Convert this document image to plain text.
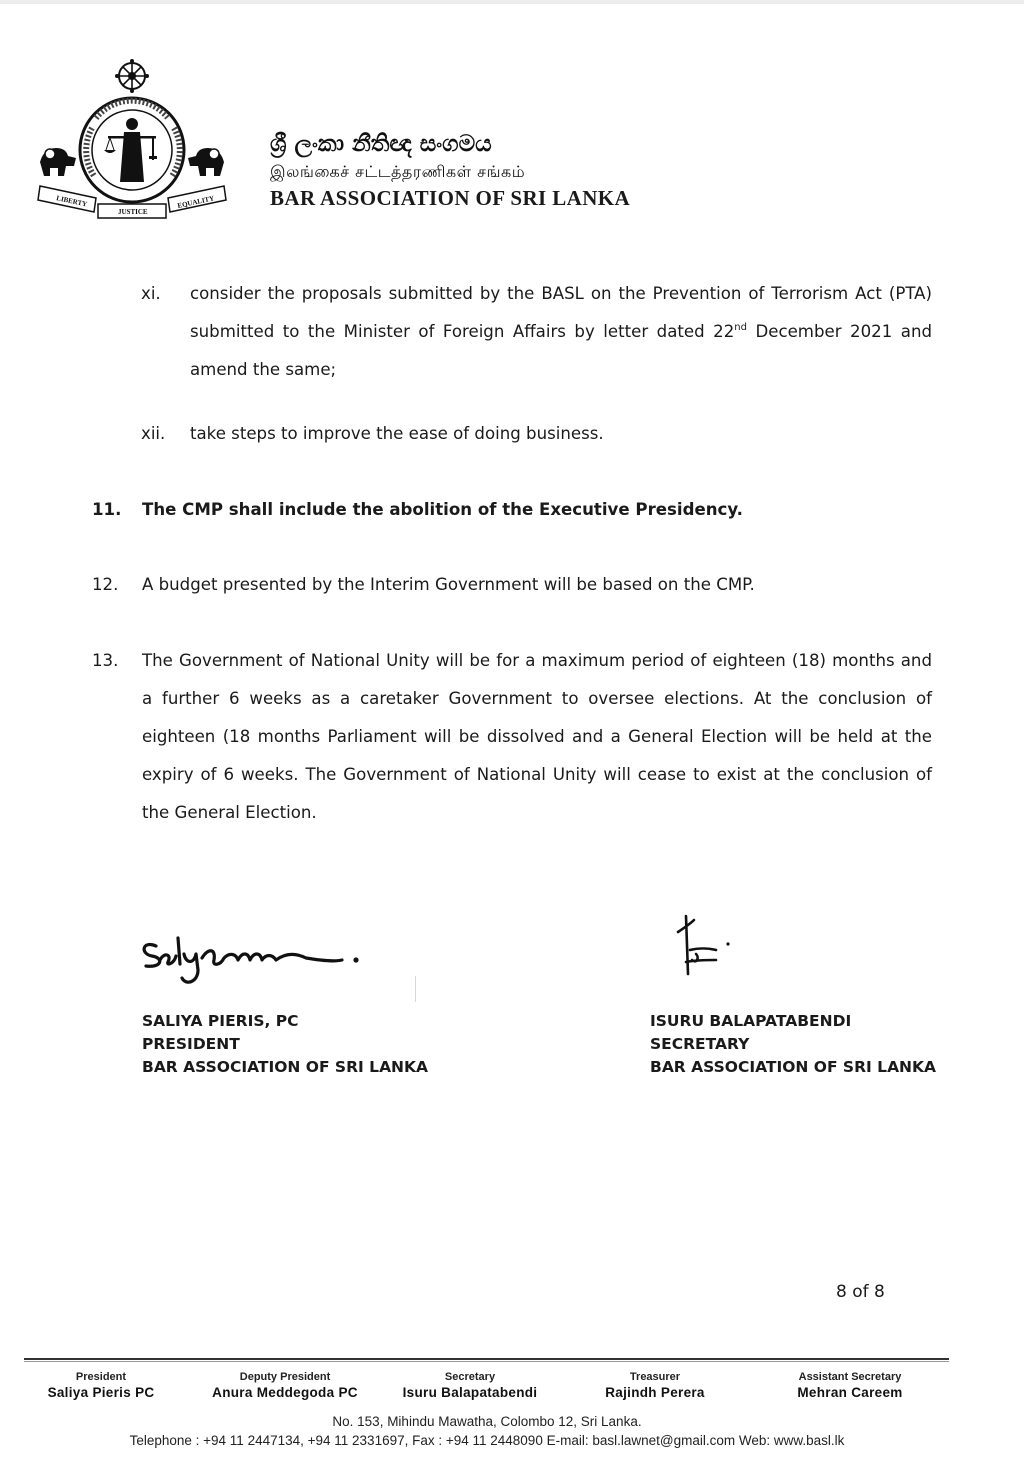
LIBERTY
JUSTICE
EQUALITY
ශ්‍රී ලංකා නීතිඥ සංගමය
இலங்கைச் சட்டத்தரணிகள் சங்கம்
BAR ASSOCIATION OF SRI LANKA
xi. consider the proposals submitted by the BASL on the Prevention of Terrorism Act (PTA) submitted to the Minister of Foreign Affairs by letter dated 22nd December 2021 and amend the same;
xii. take steps to improve the ease of doing business.
11. The CMP shall include the abolition of the Executive Presidency.
12. A budget presented by the Interim Government will be based on the CMP.
13. The Government of National Unity will be for a maximum period of eighteen (18) months and a further 6 weeks as a caretaker Government to oversee elections. At the conclusion of eighteen (18 months Parliament will be dissolved and a General Election will be held at the expiry of 6 weeks. The Government of National Unity will cease to exist at the conclusion of the General Election.
SALIYA PIERIS, PC
PRESIDENT
BAR ASSOCIATION OF SRI LANKA
ISURU BALAPATABENDI
SECRETARY
BAR ASSOCIATION OF SRI LANKA
8 of 8
President
Saliya Pieris PC
Deputy President
Anura Meddegoda PC
Secretary
Isuru Balapatabendi
Treasurer
Rajindh Perera
Assistant Secretary
Mehran Careem
No. 153, Mihindu Mawatha, Colombo 12, Sri Lanka.
Telephone : +94 11 2447134, +94 11 2331697, Fax : +94 11 2448090 E-mail: basl.lawnet@gmail.com Web: www.basl.lk
